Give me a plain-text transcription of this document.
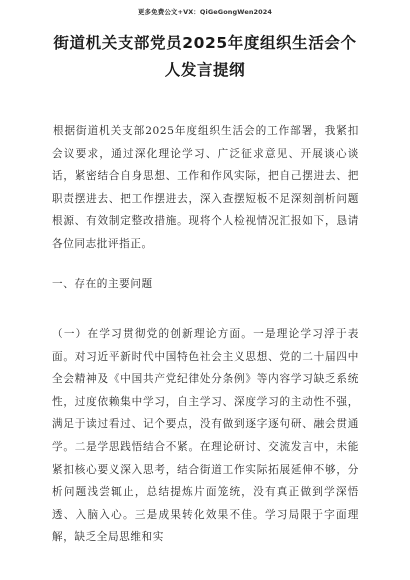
更多免费公文+VX：QiGeGongWen2024
街道机关支部党员2025年度组织生活会个人发言提纲
根据街道机关支部2025年度组织生活会的工作部署，我紧扣会议要求，通过深化理论学习、广泛征求意见、开展谈心谈话，紧密结合自身思想、工作和作风实际，把自己摆进去、把职责摆进去、把工作摆进去，深入查摆短板不足深刻剖析问题根源、有效制定整改措施。现将个人检视情况汇报如下，恳请各位同志批评指正。
一、存在的主要问题
（一）在学习贯彻党的创新理论方面。一是理论学习浮于表面。对习近平新时代中国特色社会主义思想、党的二十届四中全会精神及《中国共产党纪律处分条例》等内容学习缺乏系统性，过度依赖集中学习，自主学习、深度学习的主动性不强，满足于读过看过、记个要点，没有做到逐字逐句研、融会贯通学。二是学思践悟结合不紧。在理论研讨、交流发言中，未能紧扣核心要义深入思考，结合街道工作实际拓展延伸不够，分析问题浅尝辄止，总结提炼片面笼统，没有真正做到学深悟透、入脑入心。三是成果转化效果不佳。学习局限于字面理解，缺乏全局思维和实
